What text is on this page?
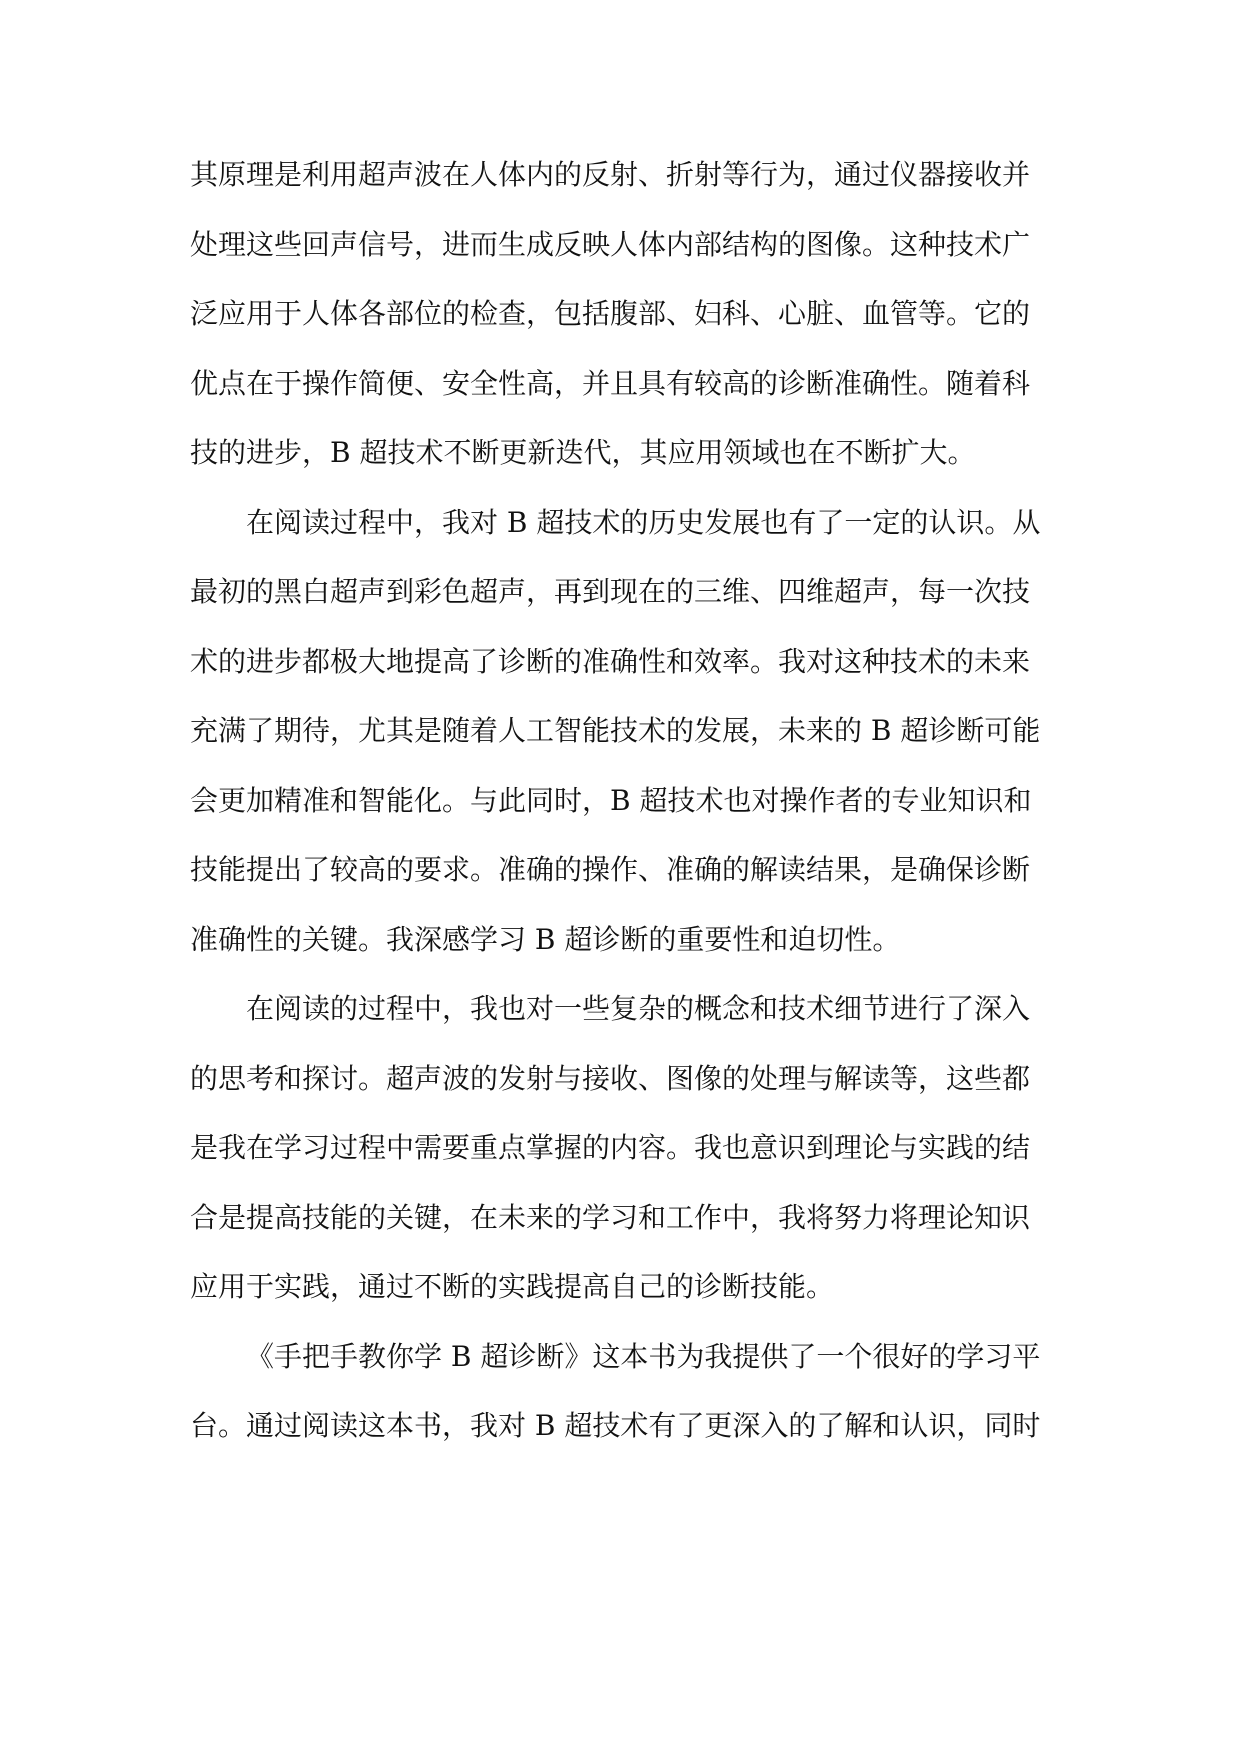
其原理是利用超声波在人体内的反射、折射等行为，通过仪器接收并
处理这些回声信号，进而生成反映人体内部结构的图像。这种技术广
泛应用于人体各部位的检查，包括腹部、妇科、心脏、血管等。它的
优点在于操作简便、安全性高，并且具有较高的诊断准确性。随着科
技的进步，B 超技术不断更新迭代，其应用领域也在不断扩大。
在阅读过程中，我对 B 超技术的历史发展也有了一定的认识。从
最初的黑白超声到彩色超声，再到现在的三维、四维超声，每一次技
术的进步都极大地提高了诊断的准确性和效率。我对这种技术的未来
充满了期待，尤其是随着人工智能技术的发展，未来的 B 超诊断可能
会更加精准和智能化。与此同时，B 超技术也对操作者的专业知识和
技能提出了较高的要求。准确的操作、准确的解读结果，是确保诊断
准确性的关键。我深感学习 B 超诊断的重要性和迫切性。
在阅读的过程中，我也对一些复杂的概念和技术细节进行了深入
的思考和探讨。超声波的发射与接收、图像的处理与解读等，这些都
是我在学习过程中需要重点掌握的内容。我也意识到理论与实践的结
合是提高技能的关键，在未来的学习和工作中，我将努力将理论知识
应用于实践，通过不断的实践提高自己的诊断技能。
《手把手教你学 B 超诊断》这本书为我提供了一个很好的学习平
台。通过阅读这本书，我对 B 超技术有了更深入的了解和认识，同时
